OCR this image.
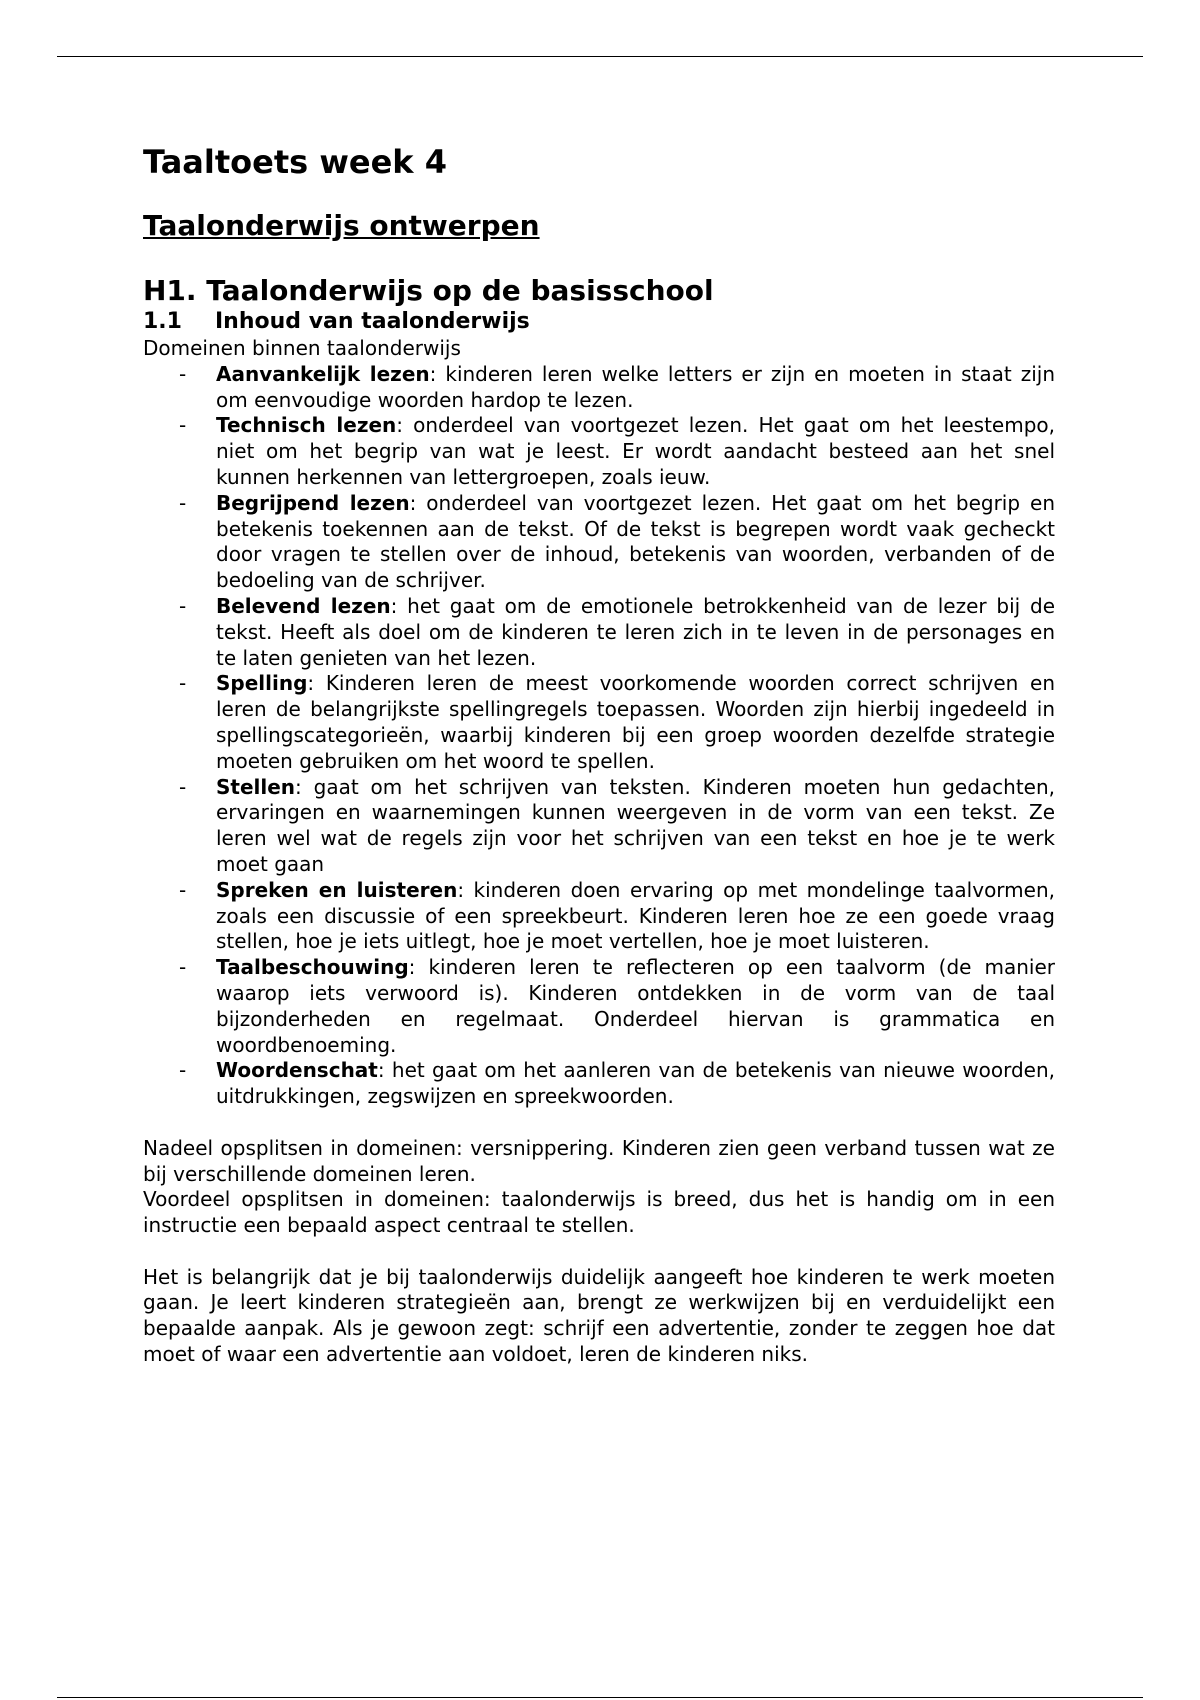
Taaltoets week 4
Taalonderwijs ontwerpen
H1. Taalonderwijs op de basisschool
1.1 Inhoud van taalonderwijs

Domeinen binnen taalonderwijs

- Aanvankelijk lezen: kinderen leren welke letters er zijn en moeten in staat zijn om eenvoudige woorden hardop te lezen.
- Technisch lezen: onderdeel van voortgezet lezen. Het gaat om het leestempo, niet om het begrip van wat je leest. Er wordt aandacht besteed aan het snel kunnen herkennen van lettergroepen, zoals ieuw.
- Begrijpend lezen: onderdeel van voortgezet lezen. Het gaat om het begrip en betekenis toekennen aan de tekst. Of de tekst is begrepen wordt vaak gecheckt door vragen te stellen over de inhoud, betekenis van woorden, verbanden of de bedoeling van de schrijver.
- Belevend lezen: het gaat om de emotionele betrokkenheid van de lezer bij de tekst. Heeft als doel om de kinderen te leren zich in te leven in de personages en te laten genieten van het lezen.
- Spelling: Kinderen leren de meest voorkomende woorden correct schrijven en leren de belangrijkste spellingregels toepassen. Woorden zijn hierbij ingedeeld in spellingscategorieën, waarbij kinderen bij een groep woorden dezelfde strategie moeten gebruiken om het woord te spellen.
- Stellen: gaat om het schrijven van teksten. Kinderen moeten hun gedachten, ervaringen en waarnemingen kunnen weergeven in de vorm van een tekst. Ze leren wel wat de regels zijn voor het schrijven van een tekst en hoe je te werk moet gaan
- Spreken en luisteren: kinderen doen ervaring op met mondelinge taalvormen, zoals een discussie of een spreekbeurt. Kinderen leren hoe ze een goede vraag stellen, hoe je iets uitlegt, hoe je moet vertellen, hoe je moet luisteren.
- Taalbeschouwing: kinderen leren te reflecteren op een taalvorm (de manier waarop iets verwoord is). Kinderen ontdekken in de vorm van de taal bijzonderheden en regelmaat. Onderdeel hiervan is grammatica en woordbenoeming.
- Woordenschat: het gaat om het aanleren van de betekenis van nieuwe woorden, uitdrukkingen, zegswijzen en spreekwoorden.

Nadeel opsplitsen in domeinen: versnippering. Kinderen zien geen verband tussen wat ze bij verschillende domeinen leren.

Voordeel opsplitsen in domeinen: taalonderwijs is breed, dus het is handig om in een instructie een bepaald aspect centraal te stellen.

Het is belangrijk dat je bij taalonderwijs duidelijk aangeeft hoe kinderen te werk moeten gaan. Je leert kinderen strategieën aan, brengt ze werkwijzen bij en verduidelijkt een bepaalde aanpak. Als je gewoon zegt: schrijf een advertentie, zonder te zeggen hoe dat moet of waar een advertentie aan voldoet, leren de kinderen niks.
